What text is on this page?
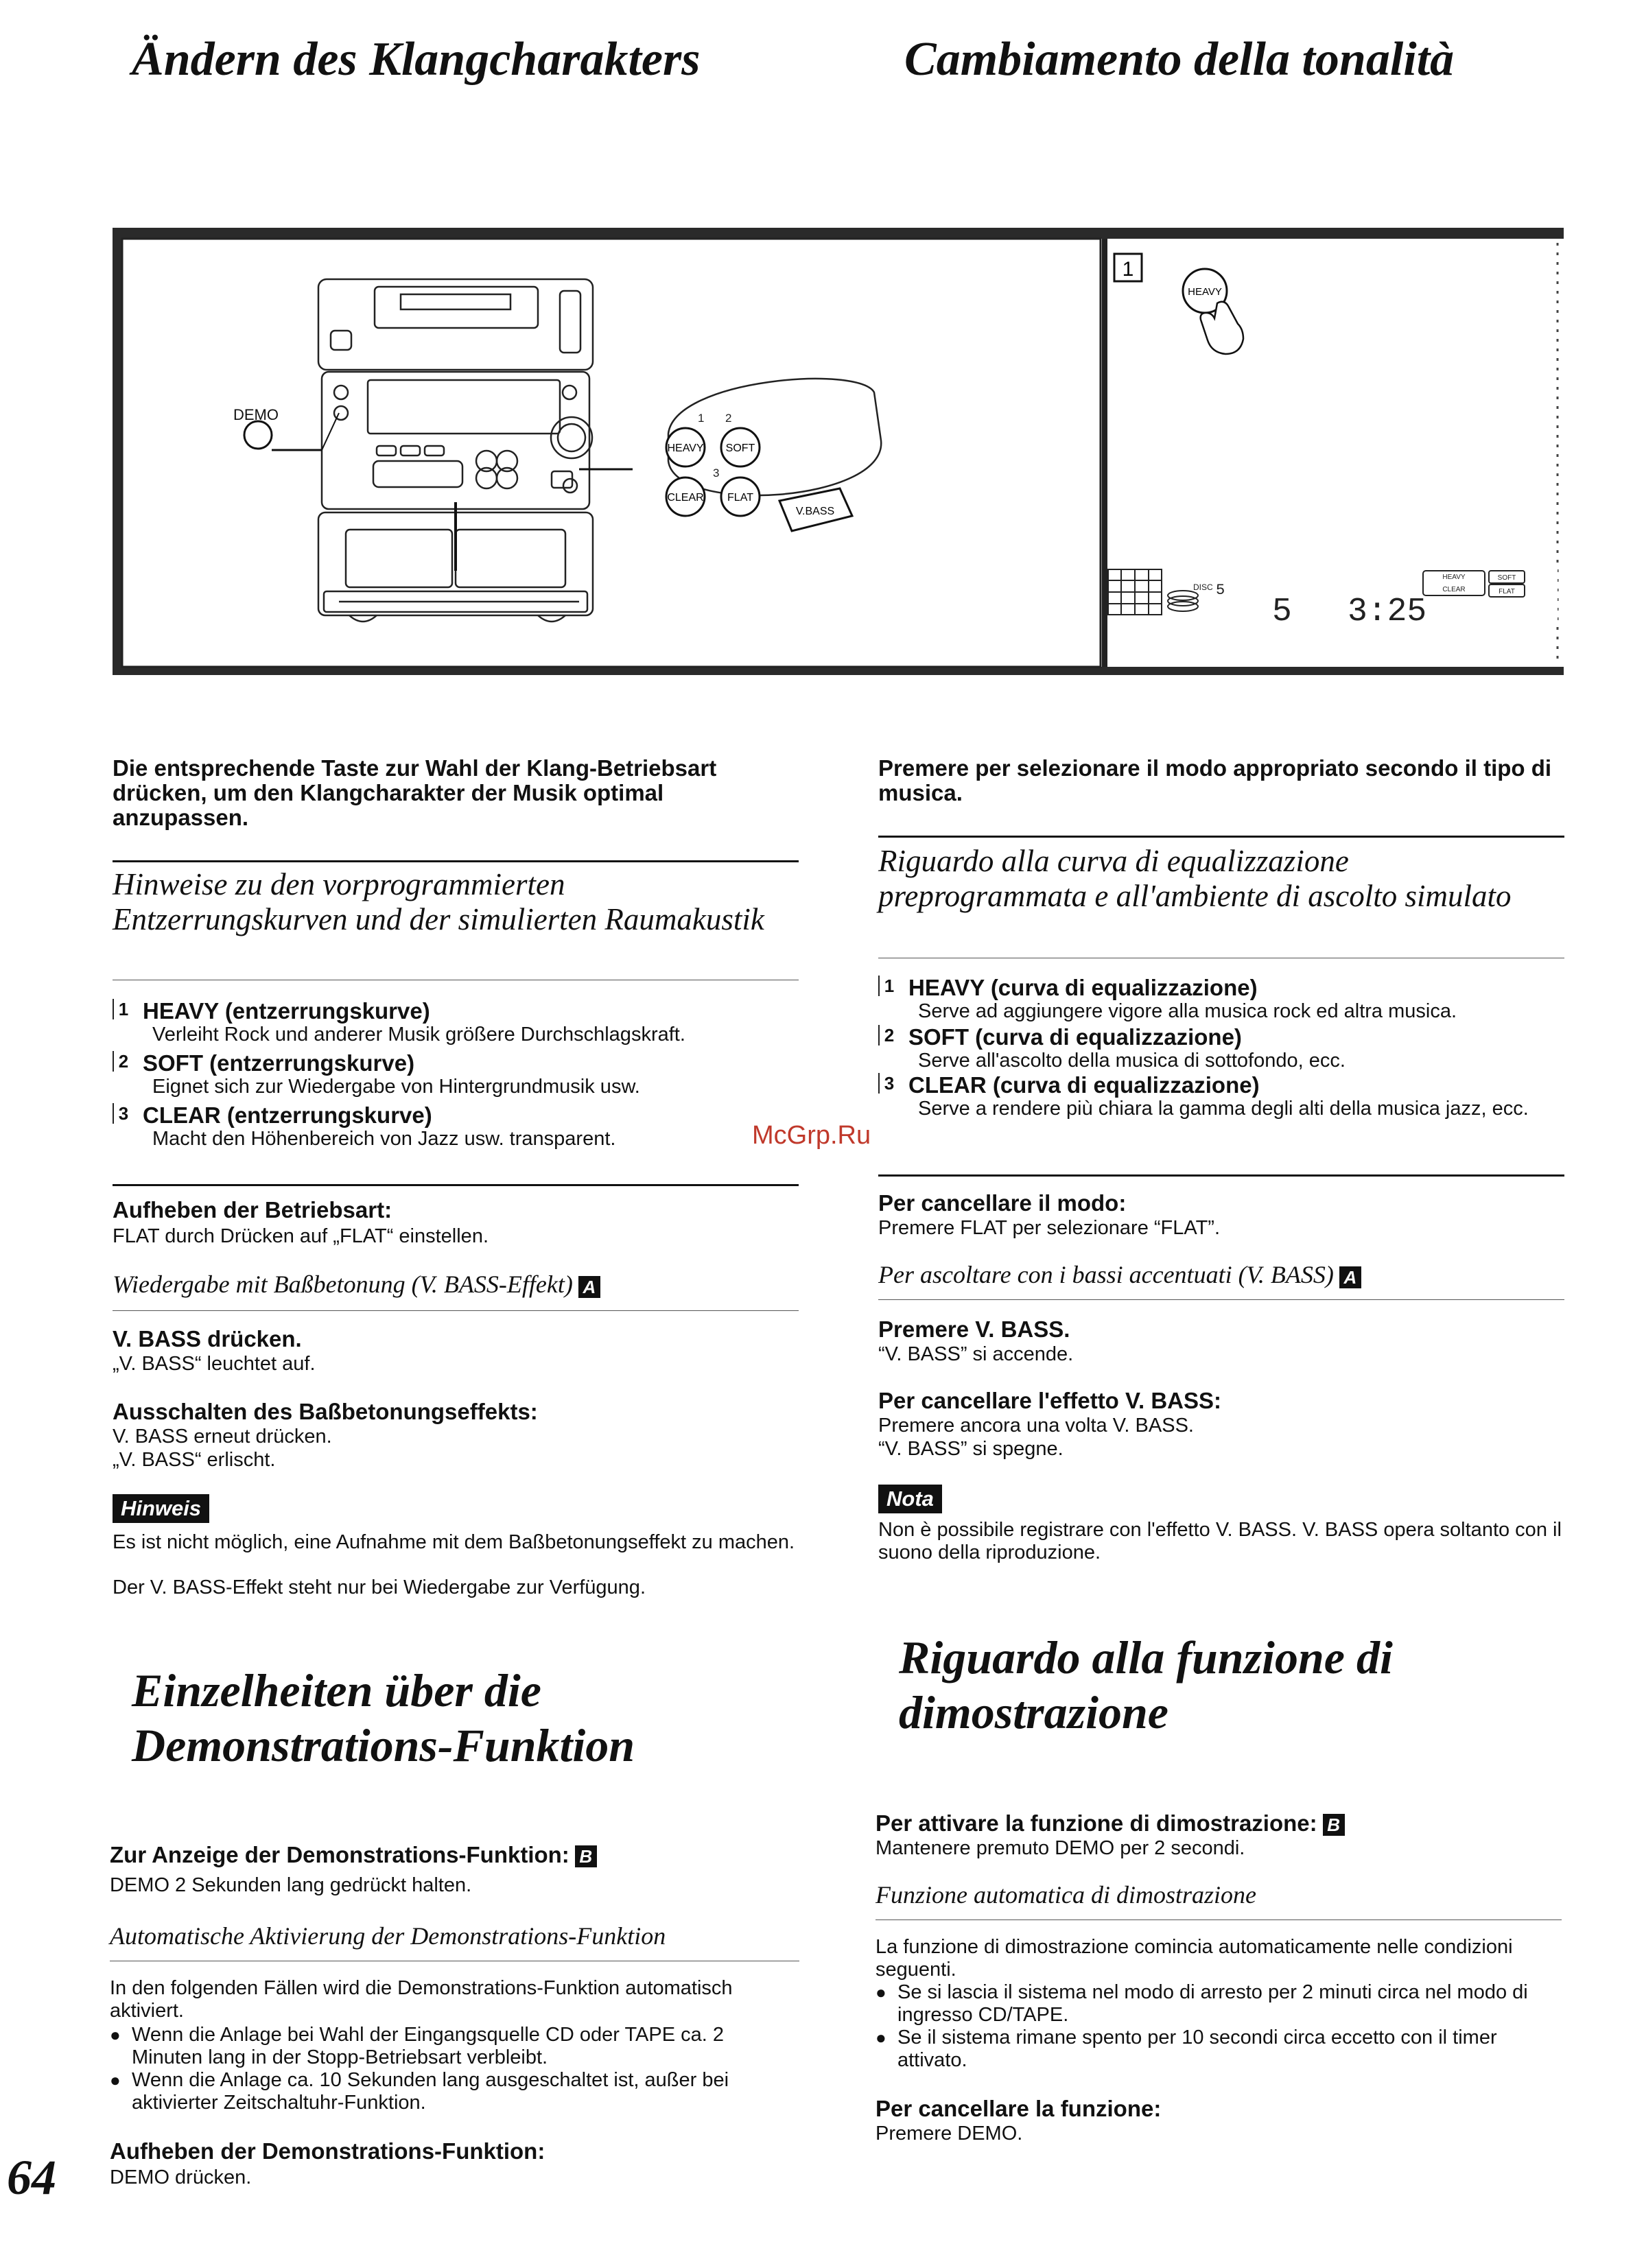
Ändern des Klangcharakters	Cambiamento della tonalità
DEMO	1 2
3
HEAVY SOFT
CLEAR FLAT
V.BASS
1
HEAVY
DISC 5
5 3:25
HEAVY	SOFT
CLEAR	FLAT
Die entsprechende Taste zur Wahl der Klang-Betriebsart drücken, um den Klangcharakter der Musik optimal anzupassen.
Hinweise zu den vorprogrammierten Entzerrungskurven und der simulierten Raumakustik
1 HEAVY (entzerrungskurve)
Verleiht Rock und anderer Musik größere Durchschlagskraft.
2 SOFT (entzerrungskurve)
Eignet sich zur Wiedergabe von Hintergrundmusik usw.
3 CLEAR (entzerrungskurve)
Macht den Höhenbereich von Jazz usw. transparent.
Aufheben der Betriebsart:
FLAT durch Drücken auf „FLAT“ einstellen.
Wiedergabe mit Baßbetonung (V. BASS-Effekt) A
V. BASS drücken.
„V. BASS“ leuchtet auf.
Ausschalten des Baßbetonungseffekts:
V. BASS erneut drücken.
„V. BASS“ erlischt.
Hinweis
Es ist nicht möglich, eine Aufnahme mit dem Baßbetonungseffekt zu machen.
Der V. BASS-Effekt steht nur bei Wiedergabe zur Verfügung.
Einzelheiten über die Demonstrations-Funktion
Zur Anzeige der Demonstrations-Funktion: B
DEMO 2 Sekunden lang gedrückt halten.
Automatische Aktivierung der Demonstrations-Funktion
In den folgenden Fällen wird die Demonstrations-Funktion automatisch aktiviert.
● Wenn die Anlage bei Wahl der Eingangsquelle CD oder TAPE ca. 2 Minuten lang in der Stopp-Betriebsart verbleibt.
● Wenn die Anlage ca. 10 Sekunden lang ausgeschaltet ist, außer bei aktivierter Zeitschaltuhr-Funktion.
Aufheben der Demonstrations-Funktion:
DEMO drücken.
Premere per selezionare il modo appropriato secondo il tipo di musica.
Riguardo alla curva di equalizzazione preprogrammata e all'ambiente di ascolto simulato
1 HEAVY (curva di equalizzazione)
Serve ad aggiungere vigore alla musica rock ed altra musica.
2 SOFT (curva di equalizzazione)
Serve all'ascolto della musica di sottofondo, ecc.
3 CLEAR (curva di equalizzazione)
Serve a rendere più chiara la gamma degli alti della musica jazz, ecc.
Per cancellare il modo:
Premere FLAT per selezionare “FLAT”.
Per ascoltare con i bassi accentuati (V. BASS) A
Premere V. BASS.
“V. BASS” si accende.
Per cancellare l'effetto V. BASS:
Premere ancora una volta V. BASS.
“V. BASS” si spegne.
Nota
Non è possibile registrare con l'effetto V. BASS. V. BASS opera soltanto con il suono della riproduzione.
Riguardo alla funzione di dimostrazione
Per attivare la funzione di dimostrazione: B
Mantenere premuto DEMO per 2 secondi.
Funzione automatica di dimostrazione
La funzione di dimostrazione comincia automaticamente nelle condizioni seguenti.
● Se si lascia il sistema nel modo di arresto per 2 minuti circa nel modo di ingresso CD/TAPE.
● Se il sistema rimane spento per 10 secondi circa eccetto con il timer attivato.
Per cancellare la funzione:
Premere DEMO.
McGrp.Ru
64
